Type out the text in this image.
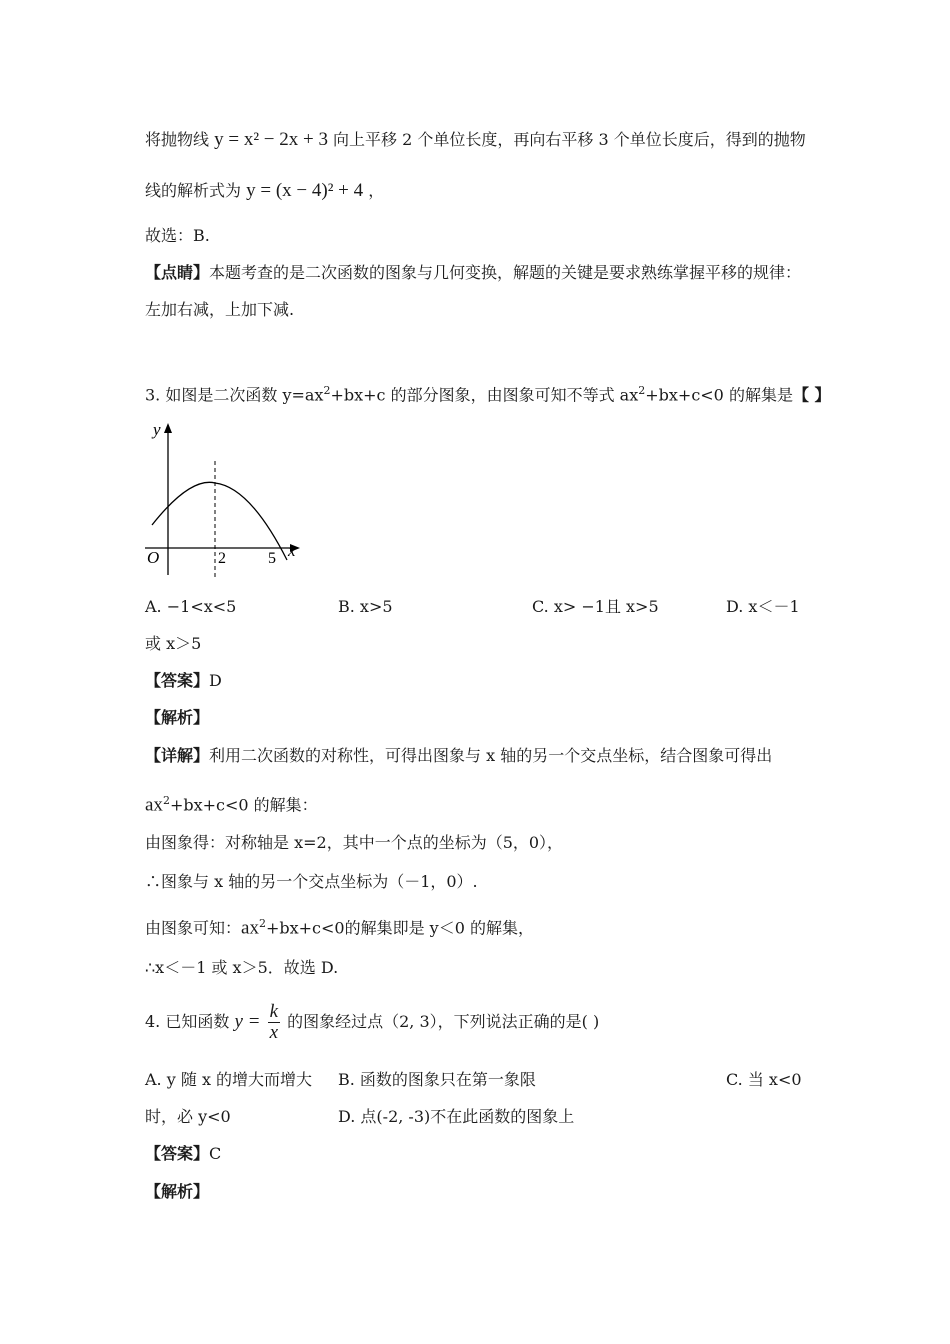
将抛物线 y = x² − 2x + 3 向上平移 2 个单位长度，再向右平移 3 个单位长度后，得到的抛物
线的解析式为 y = (x − 4)² + 4 ，
故选：B.
【点睛】本题考查的是二次函数的图象与几何变换，解题的关键是要求熟练掌握平移的规律：
左加右减，上加下减.
3. 如图是二次函数 $y=ax^2+bx+c$ 的部分图象，由图象可知不等式 $ax^2+bx+c<0$ 的解集是【 】
y
x
O	2	5
A. −1<x<5	B. x>5	C. x> −1且 x>5	D. x＜－1
或 x＞5
【答案】D
【解析】
【详解】利用二次函数的对称性，可得出图象与 x 轴的另一个交点坐标，结合图象可得出
$ax^2+bx+c<0$ 的解集：
由图象得：对称轴是 x=2，其中一个点的坐标为（5，0），
∴图象与 x 轴的另一个交点坐标为（－1，0）.
由图象可知：$ax^2+bx+c<0$的解集即是 y＜0 的解集，
∴x＜－1 或 x＞5．故选 D.
4. 已知函数 $y = \frac{k}{x}$ 的图象经过点（2, 3），下列说法正确的是( )
A. y 随 x 的增大而增大 B. 函数的图象只在第一象限	C. 当 x<0
时，必 y<0	D. 点(-2, -3)不在此函数的图象上
【答案】C
【解析】
